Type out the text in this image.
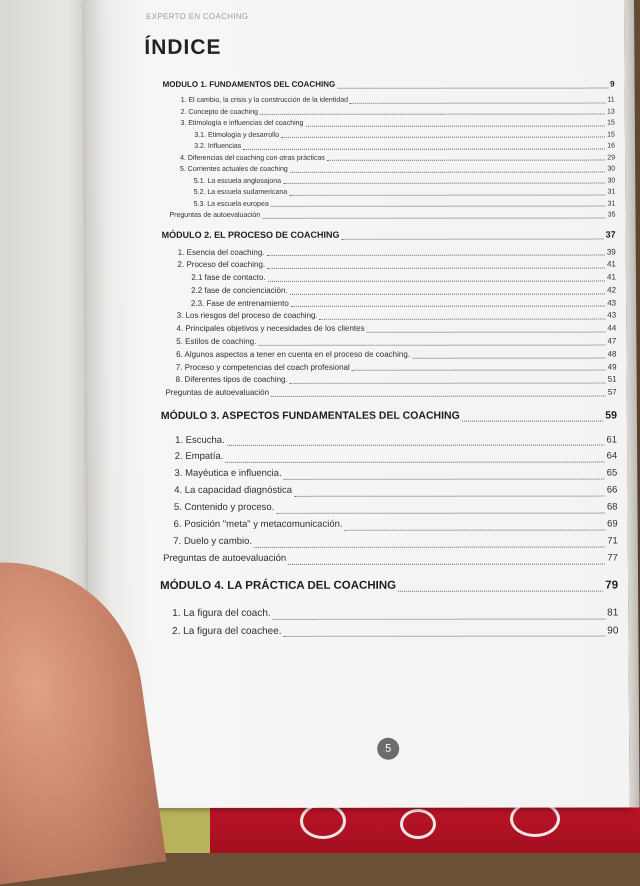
EXPERTO EN COACHING
ÍNDICE
MODULO 1. FUNDAMENTOS DEL COACHING	9
1. El cambio, la crisis y la construcción de la identidad	11
2. Concepto de coaching	13
3. Etimología e influencias del coaching	15
3.1. Etimología y desarrollo	15
3.2. Influencias	16
4. Diferencias del coaching con otras prácticas	29
5. Corrientes actuales de coaching	30
5.1. La escuela anglosajona	30
5.2. La escuela sudamericana	31
5.3. La escuela europea	31
Preguntas de autoevaluación	35
MÓDULO 2. EL PROCESO DE COACHING	37
1. Esencia del coaching.	39
2. Proceso del coaching.	41
2.1 fase de contacto.	41
2.2 fase de concienciación.	42
2.3. Fase de entrenamiento	43
3. Los riesgos del proceso de coaching.	43
4. Principales objetivos y necesidades de los clientes	44
5. Estilos de coaching.	47
6. Algunos aspectos a tener en cuenta en el proceso de coaching.	48
7. Proceso y competencias del coach profesional	49
8. Diferentes tipos de coaching.	51
Preguntas de autoevaluación	57
MÓDULO 3. ASPECTOS FUNDAMENTALES DEL COACHING	59
1. Escucha.	61
2. Empatía.	64
3. Mayéutica e influencia.	65
4. La capacidad diagnóstica	66
5. Contenido y proceso.	68
6. Posición "meta" y metacomunicación.	69
7. Duelo y cambio.	71
Preguntas de autoevaluación	77
MÓDULO 4. LA PRÁCTICA DEL COACHING	79
1. La figura del coach.	81
2. La figura del coachee.	90
5
